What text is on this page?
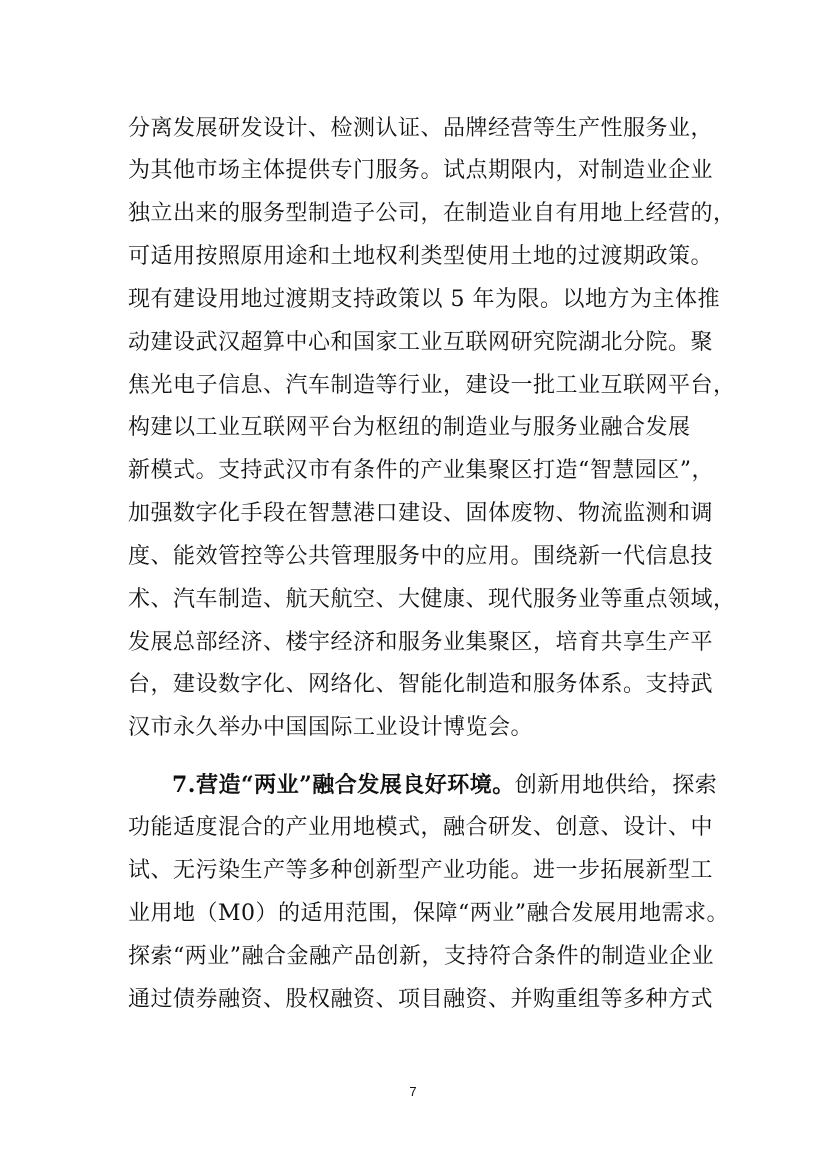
分离发展研发设计、检测认证、品牌经营等生产性服务业，
为其他市场主体提供专门服务。试点期限内，对制造业企业
独立出来的服务型制造子公司，在制造业自有用地上经营的，
可适用按照原用途和土地权利类型使用土地的过渡期政策。
现有建设用地过渡期支持政策以 5 年为限。以地方为主体推
动建设武汉超算中心和国家工业互联网研究院湖北分院。聚
焦光电子信息、汽车制造等行业，建设一批工业互联网平台，
构建以工业互联网平台为枢纽的制造业与服务业融合发展
新模式。支持武汉市有条件的产业集聚区打造“智慧园区”，
加强数字化手段在智慧港口建设、固体废物、物流监测和调
度、能效管控等公共管理服务中的应用。围绕新一代信息技
术、汽车制造、航天航空、大健康、现代服务业等重点领域，
发展总部经济、楼宇经济和服务业集聚区，培育共享生产平
台，建设数字化、网络化、智能化制造和服务体系。支持武
汉市永久举办中国国际工业设计博览会。
7.营造“两业”融合发展良好环境。创新用地供给，探索
功能适度混合的产业用地模式，融合研发、创意、设计、中
试、无污染生产等多种创新型产业功能。进一步拓展新型工
业用地（M0）的适用范围，保障“两业”融合发展用地需求。
探索“两业”融合金融产品创新，支持符合条件的制造业企业
通过债券融资、股权融资、项目融资、并购重组等多种方式
7
